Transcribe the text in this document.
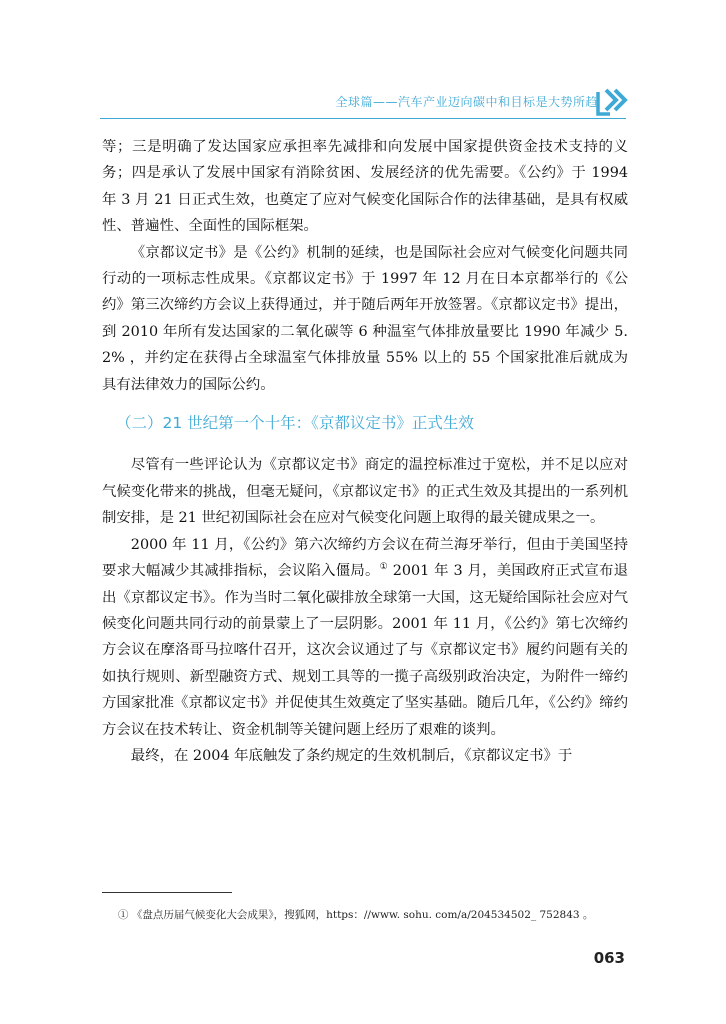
全球篇——汽车产业迈向碳中和目标是大势所趋

等；三是明确了发达国家应承担率先减排和向发展中国家提供资金技术支持的义务；四是承认了发展中国家有消除贫困、发展经济的优先需要。《公约》于 1994 年 3 月 21 日正式生效，也奠定了应对气候变化国际合作的法律基础，是具有权威性、普遍性、全面性的国际框架。

《京都议定书》是《公约》机制的延续，也是国际社会应对气候变化问题共同行动的一项标志性成果。《京都议定书》于 1997 年 12 月在日本京都举行的《公约》第三次缔约方会议上获得通过，并于随后两年开放签署。《京都议定书》提出，到 2010 年所有发达国家的二氧化碳等 6 种温室气体排放量要比 1990 年减少 5. 2% ，并约定在获得占全球温室气体排放量 55% 以上的 55 个国家批准后就成为具有法律效力的国际公约。

（二）21 世纪第一个十年：《京都议定书》正式生效

尽管有一些评论认为《京都议定书》商定的温控标准过于宽松，并不足以应对气候变化带来的挑战，但毫无疑问，《京都议定书》的正式生效及其提出的一系列机制安排，是 21 世纪初国际社会在应对气候变化问题上取得的最关键成果之一。

2000 年 11 月，《公约》第六次缔约方会议在荷兰海牙举行，但由于美国坚持要求大幅减少其减排指标，会议陷入僵局。① 2001 年 3 月，美国政府正式宣布退出《京都议定书》。作为当时二氧化碳排放全球第一大国，这无疑给国际社会应对气候变化问题共同行动的前景蒙上了一层阴影。2001 年 11 月，《公约》第七次缔约方会议在摩洛哥马拉喀什召开，这次会议通过了与《京都议定书》履约问题有关的如执行规则、新型融资方式、规划工具等的一揽子高级别政治决定，为附件一缔约方国家批准《京都议定书》并促使其生效奠定了坚实基础。随后几年，《公约》缔约方会议在技术转让、资金机制等关键问题上经历了艰难的谈判。

最终，在 2004 年底触发了条约规定的生效机制后，《京都议定书》于

① 《盘点历届气候变化大会成果》，搜狐网，https：//www. sohu. com/a/204534502_ 752843 。
063
